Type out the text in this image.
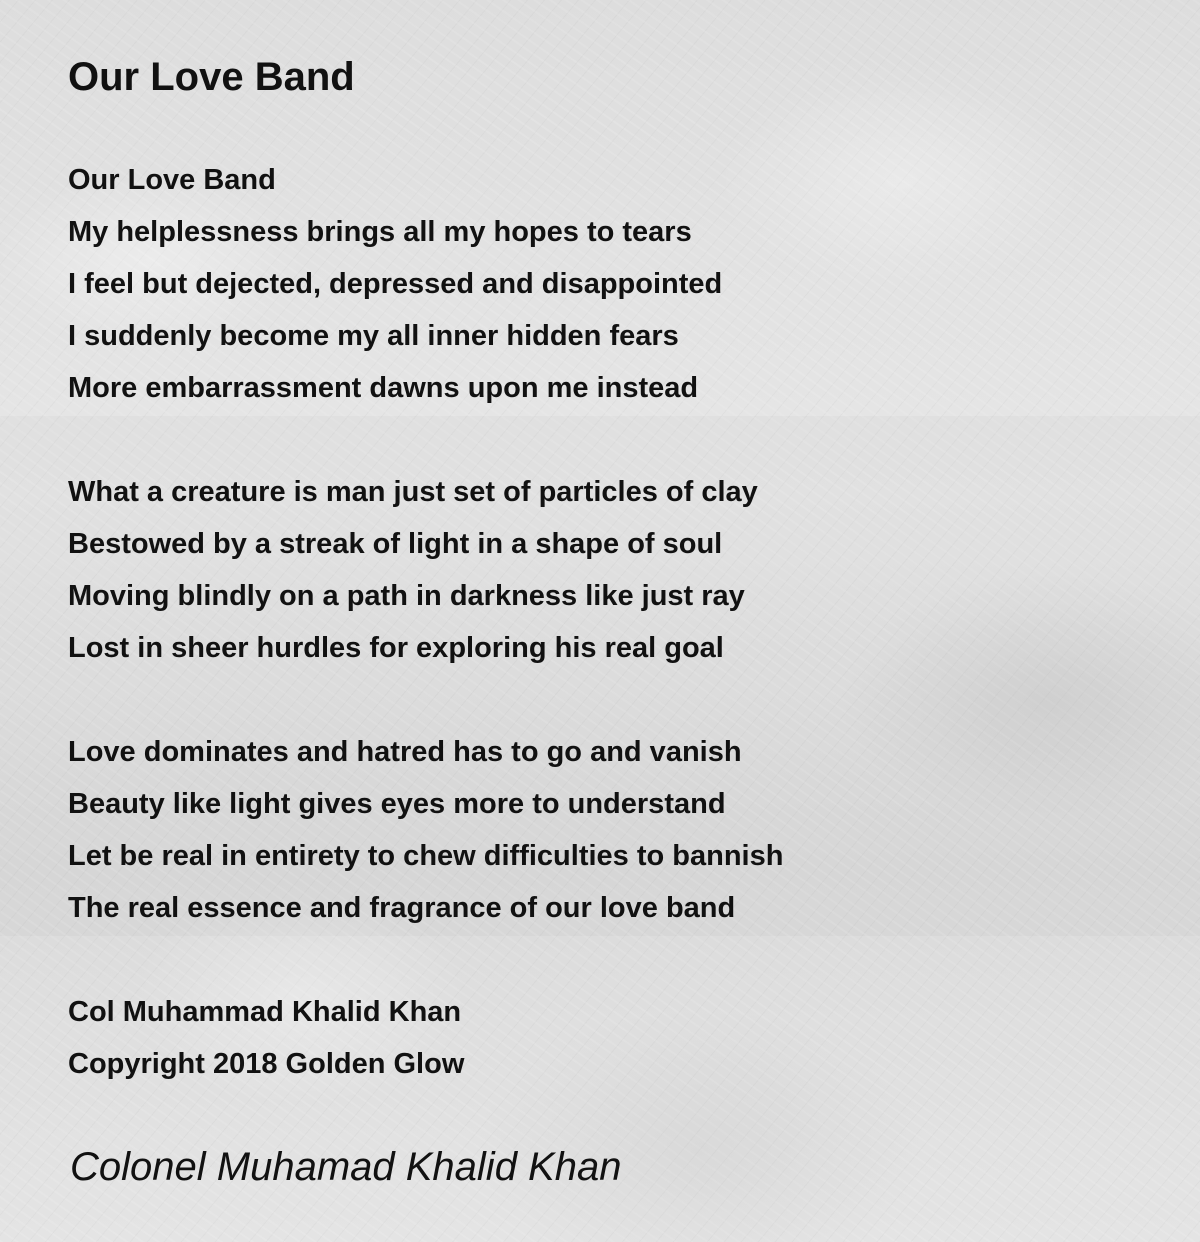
Our Love Band
Our Love Band
My helplessness brings all my hopes to tears
I feel but dejected, depressed and disappointed
I suddenly become my all inner hidden fears
More embarrassment dawns upon me instead
What a creature is man just set of particles of clay
Bestowed by a streak of light in a shape of soul
Moving blindly on a path in darkness like just ray
Lost in sheer hurdles for exploring his real goal
Love dominates and hatred has to go and vanish
Beauty like light gives eyes more to understand
Let be real in entirety to chew difficulties to bannish
The real essence and fragrance of our love band
Col Muhammad Khalid Khan
Copyright 2018 Golden Glow
Colonel Muhamad Khalid Khan
